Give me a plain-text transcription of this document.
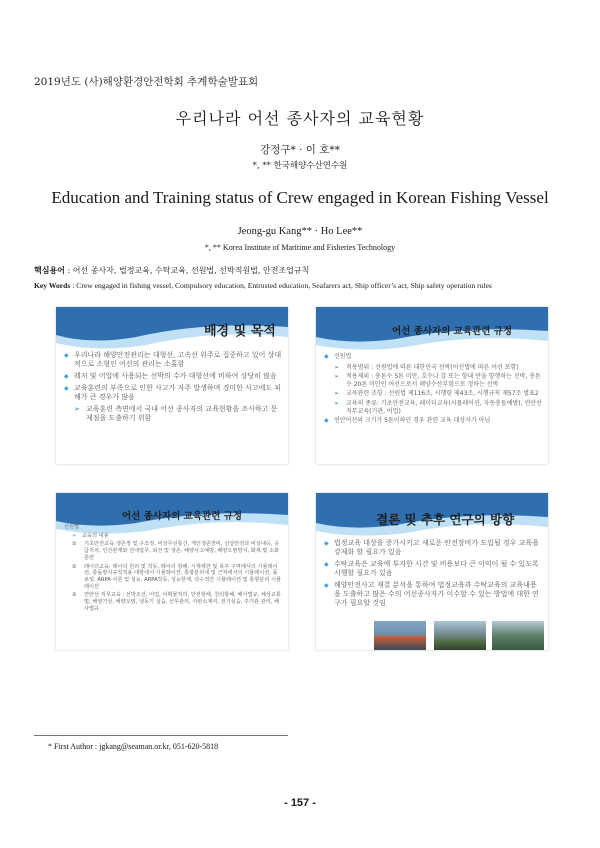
2019년도 (사)해양환경안전학회 추계학술발표회
우리나라 어선 종사자의 교육현황
강정구* · 이 호**
*, ** 한국해양수산연수원
Education and Training status of Crew engaged in Korean Fishing Vessel
Jeong-gu Kang** · Ho Lee**
*, ** Korea Institute of Maritime and Fisheries Technology
핵심용어 : 어선 종사자, 법정교육, 수탁교육, 선원법, 선박직원법, 안전조업규칙
Key Words : Crew engaged in fishing vessel, Compulsory education, Entrusted education, Seafarers act, Ship officer’s act, Ship safety operation rules
배경 및 목적
◆ 우리나라 해양안전관리는 대형선, 고속선 위주로 집중하고 있어 상대적으로 소형인 어선의 관리는 소홀함
◆ 레저 및 어업에 사용되는 선박의 수가 대형선에 비하여 상당히 많음
◆ 교육훈련의 부족으로 인한 사고가 자주 발생하며 경미한 사고에도 피해가 큰 경우가 많음
➢ 교육훈련 측면에서 국내 어선 종사자의 교육현황을 조사하고 문제점을 도출하기 위함
어선 종사자의 교육관련 규정
◆ 선원법
➢ 적용범위 : 선원법에 따른 대한민국 선박(어선법에 따른 어선 포함)
➢ 적용제외 : 총톤수 5톤 미만, 호수나 강 또는 항내 만을 항행하는 선박, 총톤수 20톤 미만인 어선으로서 해양수산부령으로 정하는 선박
➢ 교육관련 조항 : 선원법 제116조, 시행령 제43조, 시행규칙 제57조 별표2
➢ 교육의 종류: 기초안전교육, 레이더교육(시뮬레이션, 자동충돌예방), 연안선 직무교육(기관, 어업)
◆ 연안어선의 크기가 5톤이하인 경우 관련 교육 대상자가 아님
어선 종사자의 교육관련 규정
선원법
➢ 교육의 내용
① 기초안전교육:생존정 및 구조정, 비상무선통신, 개인생존장비, 선상안전과 비상대응, 응급처치, 인간관계와 선내업무, 퇴선 및 생존, 해양사고예방, 해양오염방지, 화재 및 소화 훈련
② 레이더교육: 레이더 원리 및 작동, 레이더 항해, 시계제한 및 폭주 구역에서의 시뮬레이션, 충돌방지규칙적용 대항에서 시뮬레이션, 통항분리대 및 근처에서의 시뮬레이션, 플로팅, ARPA 이론 및 성능, ARPA작동, 성능한계, 다수적간 시뮬레이션 및 통항분리 시뮬레이션
③ 연안선 직무교육 : 선박조선, 어업, 어획물처리, 안전항해, 천의항해, 해사법규, 해상교통법, 해양기상, 해양오염, 냉동기 실습, 선무관리, 사판소제여, 전기실습, 주기관 관리, 해사법규
결론 및 추후 연구의 방향
◆ 법정교육 대상을 증가시키고 새로운 안전장비가 도입될 경우 교육을 강제화 할 필요가 있음
◆ 수탁교육은 교육에 투자한 시간 및 비용보다 큰 이익이 될 수 있도록 시행할 필요가 있음
◆ 해양안전사고 재결 분석을 통하여 법정교육과 수탁교육의 교육내용을 도출하고 많은 수의 어선종사자가 이수할 수 있는 방법에 대한 연구가 필요할 것임
* First Author : jgkang@seaman.or.kr, 051-620-5818
- 157 -
